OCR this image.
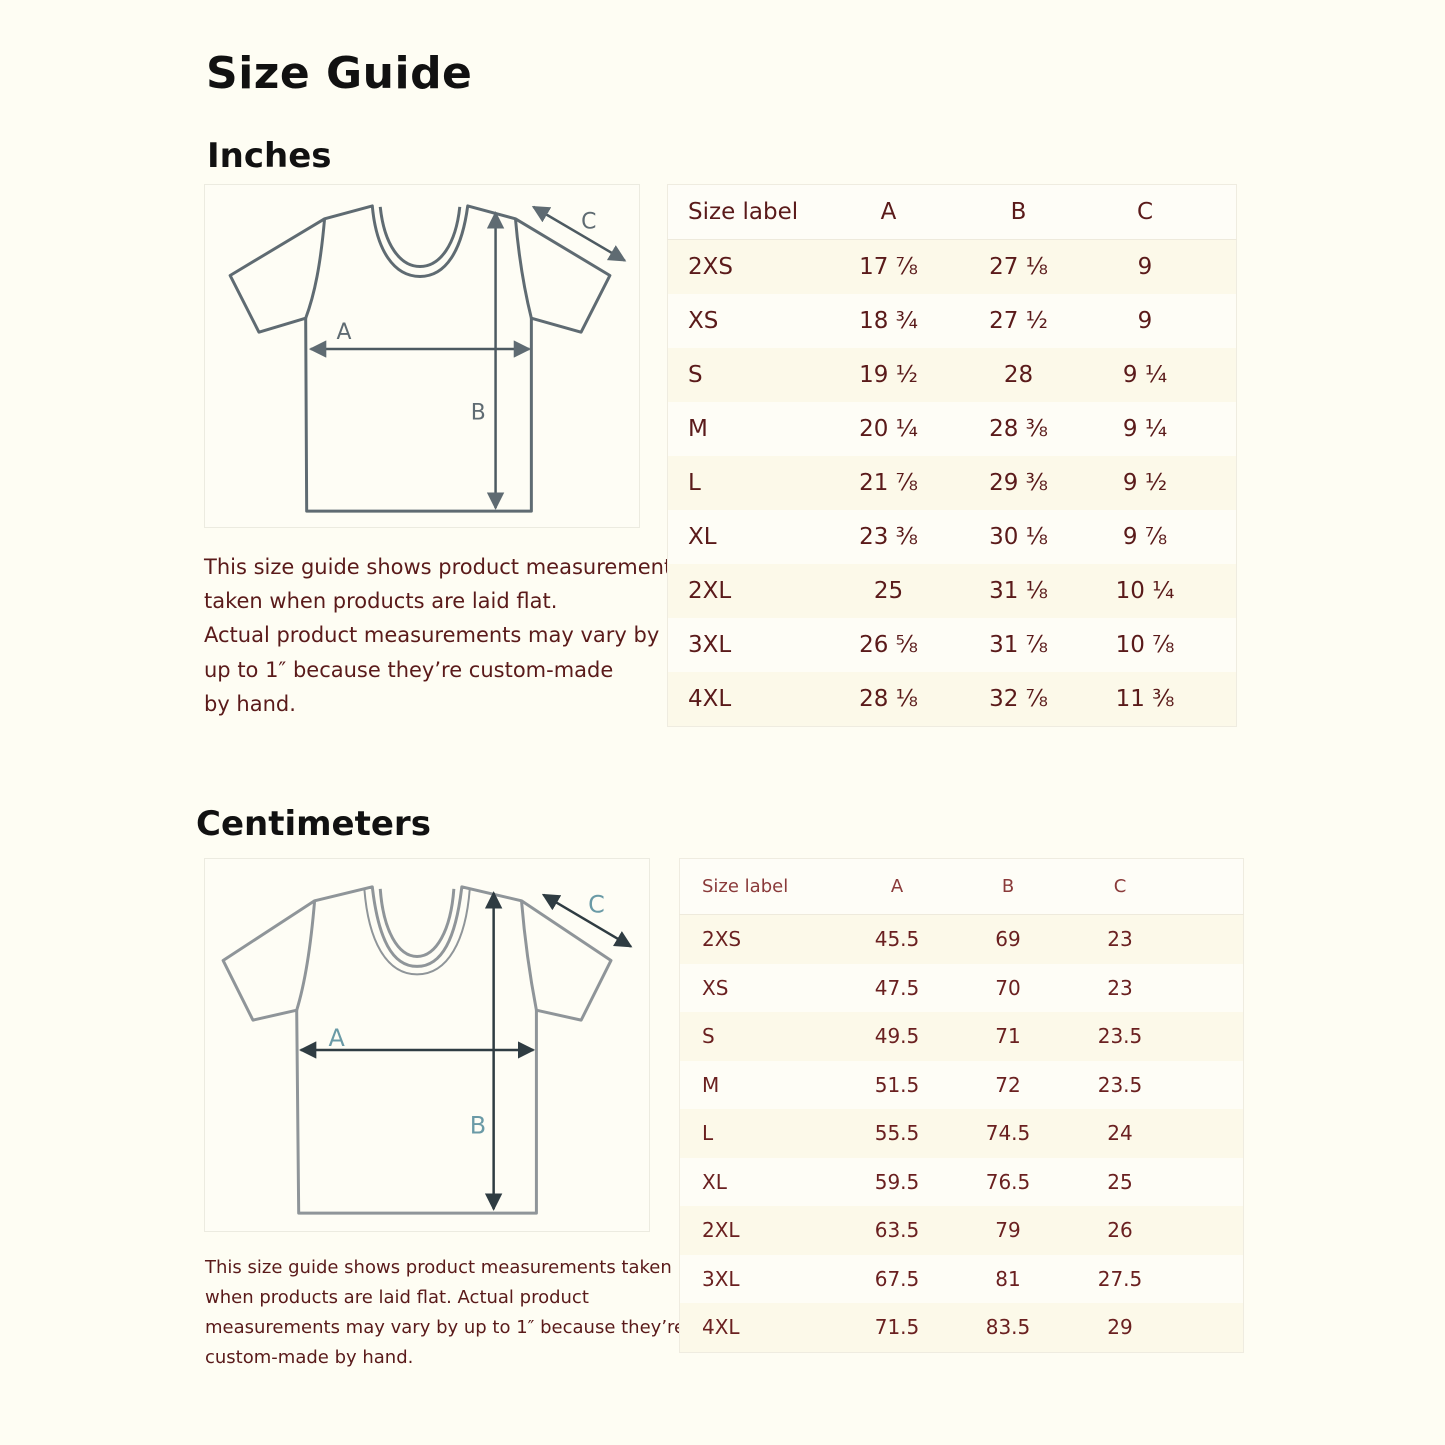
Size Guide
Inches
A
B
C

This size guide shows product measurements

taken when products are laid flat.

Actual product measurements may vary by

up to 1″ because they’re custom-made

by hand.

Size label	A	B	C	
2XS	17 ⅞	27 ⅛	9	
XS	18 ¾	27 ½	9	
S	19 ½	28	9 ¼	
M	20 ¼	28 ⅜	9 ¼	
L	21 ⅞	29 ⅜	9 ½	
XL	23 ⅜	30 ⅛	9 ⅞	
2XL	25	31 ⅛	10 ¼	
3XL	26 ⅝	31 ⅞	10 ⅞	
4XL	28 ⅛	32 ⅞	11 ⅜	
Centimeters
A
B
C

This size guide shows product measurements taken

when products are laid flat. Actual product

measurements may vary by up to 1″ because they’re

custom-made by hand.

Size label	A	B	C	
2XS	45.5	69	23	
XS	47.5	70	23	
S	49.5	71	23.5	
M	51.5	72	23.5	
L	55.5	74.5	24	
XL	59.5	76.5	25	
2XL	63.5	79	26	
3XL	67.5	81	27.5	
4XL	71.5	83.5	29	
